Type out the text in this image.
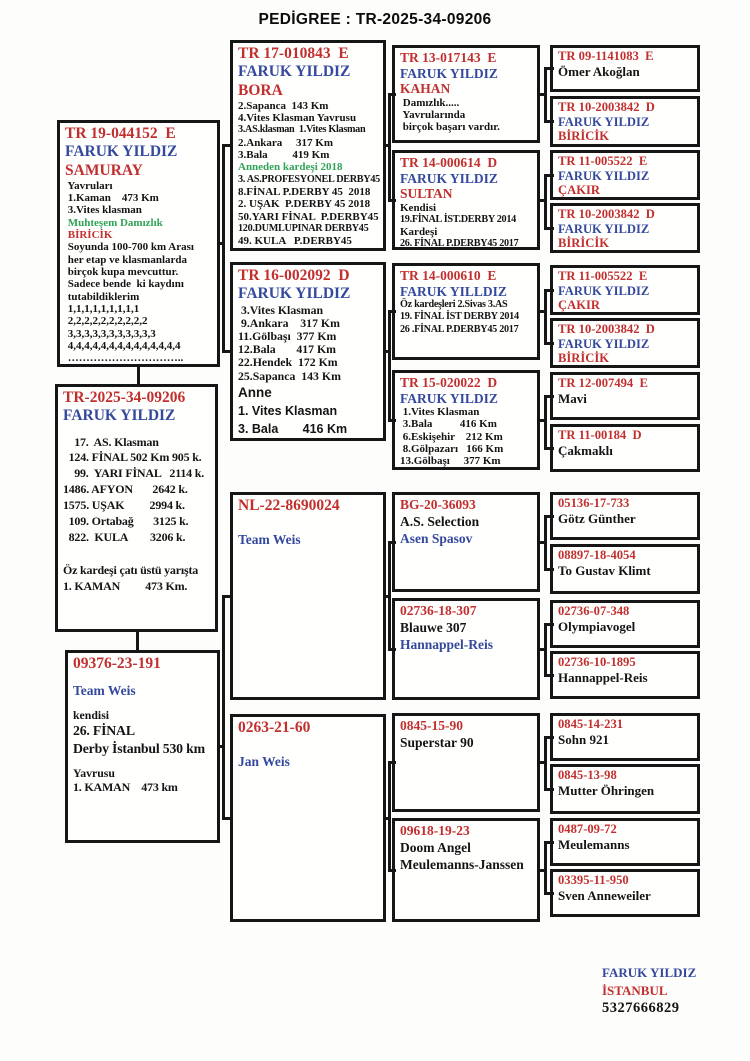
PEDİGREE : TR-2025-34-09206
TR 19-044152  E
FARUK YILDIZ
SAMURAY
Yavruları
1.Kaman    473 Km
3.Vites klasman
Muhteşem Damızlık
BİRİCİK
Soyunda 100-700 km Arası
her etap ve klasmanlarda
birçok kupa mevcuttur.
Sadece bende  ki kaydını
tutabildiklerim
1,1,1,1,1,1,1,1,1
2,2,2,2,2,2,2,2,2,2
3,3,3,3,3,3,3,3,3,3,3
4,4,4,4,4,4,4,4,4,4,4,4,4,4
…………………………..
TR-2025-34-09206
FARUK YILDIZ
17.  AS. Klasman
124. FİNAL 502 Km 905 k.
99.  YARI FİNAL   2114 k.
1486. AFYON       2642 k.
1575. UŞAK         2994 k.
109. Ortabağ       3125 k.
822.  KULA        3206 k.
Öz kardeşi çatı üstü yarışta
1. KAMAN         473 Km.
09376-23-191
Team Weis
kendisi
26. FİNAL
Derby İstanbul 530 km
Yavrusu
1. KAMAN    473 km
TR 17-010843  E
FARUK YILDIZ
BORA
2.Sapanca  143 Km
4.Vites Klasman Yavrusu
3.AS.klasman  1.Vites Klasman
2.Ankara     317 Km
3.Bala         419 Km
Anneden kardeşi 2018
3. AS.PROFESYONEL DERBY45
8.FİNAL P.DERBY 45  2018
2. UŞAK  P.DERBY 45 2018
50.YARI FİNAL  P.DERBY45
120.DUMLUPINAR DERBY45
49. KULA   P.DERBY45
TR 16-002092  D
FARUK YILDIZ
3.Vites Klasman
9.Ankara    317 Km
11.Gölbaşı  377 Km
12.Bala       417 Km
22.Hendek  172 Km
25.Sapanca  143 Km
Anne
1. Vites Klasman
3. Bala       416 Km
NL-22-8690024
Team Weis
0263-21-60
Jan Weis
TR 13-017143  E
FARUK YILDIZ
KAHAN
Damızlık.....
Yavrularında
birçok başarı vardır.
TR 14-000614  D
FARUK YILDIZ
SULTAN
Kendisi
19.FİNAL İST.DERBY 2014
Kardeşi
26. FİNAL P.DERBY45 2017
TR 14-000610  E
FARUK YILLDIZ
Öz kardeşleri 2.Sivas 3.AS
19. FİNAL İST DERBY 2014
26 .FİNAL P.DERBY45 2017
TR 15-020022  D
FARUK YILDIZ
1.Vites Klasman
3.Bala          416 Km
6.Eskişehir    212 Km
8.Gölpazarı   166 Km
13.Gölbaşı     377 Km
BG-20-36093
A.S. Selection
Asen Spasov
02736-18-307
Blauwe 307
Hannappel-Reis
0845-15-90
Superstar 90
09618-19-23
Doom Angel
Meulemanns-Janssen
TR 09-1141083  E
Ömer Akoğlan
TR 10-2003842  D
FARUK YILDIZ
BİRİCİK
TR 11-005522  E
FARUK YILDIZ
ÇAKIR
TR 10-2003842  D
FARUK YILDIZ
BİRİCİK
TR 11-005522  E
FARUK YILDIZ
ÇAKIR
TR 10-2003842  D
FARUK YILDIZ
BİRİCİK
TR 12-007494  E
Mavi
TR 11-00184  D
Çakmaklı
05136-17-733
Götz Günther
08897-18-4054
To Gustav Klimt
02736-07-348
Olympiavogel
02736-10-1895
Hannappel-Reis
0845-14-231
Sohn 921
0845-13-98
Mutter Öhringen
0487-09-72
Meulemanns
03395-11-950
Sven Anneweiler
FARUK YILDIZ
İSTANBUL
5327666829
